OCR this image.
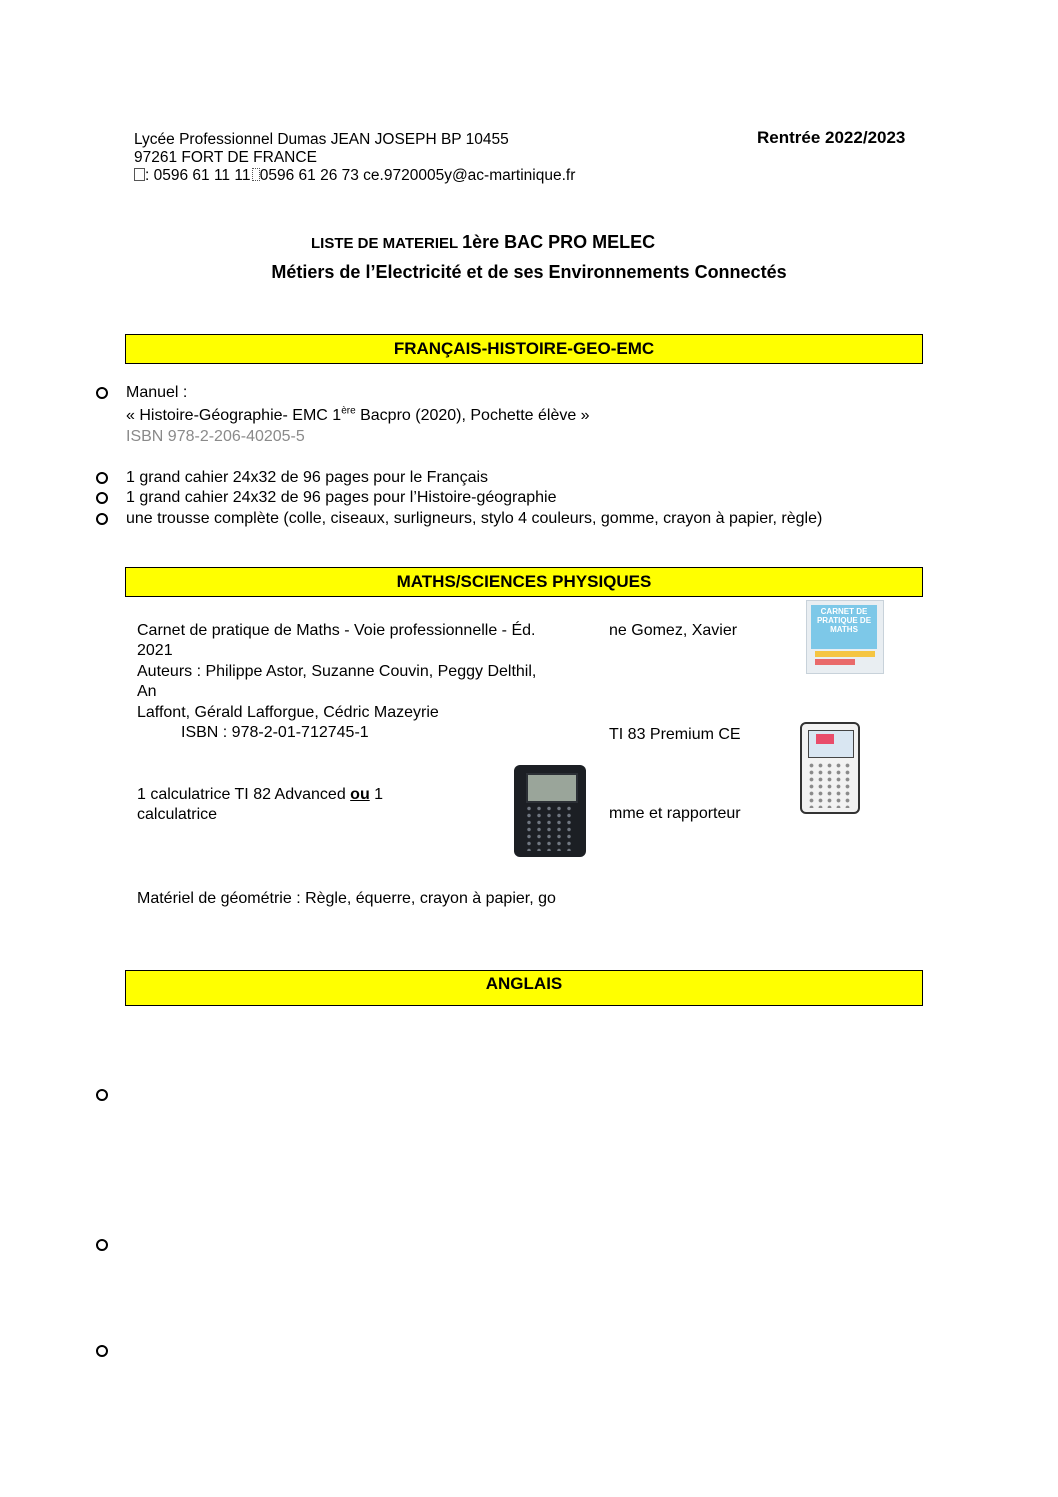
Lycée Professionnel Dumas JEAN JOSEPH BP 10455
97261 FORT DE FRANCE
: 0596 61 11 11 0596 61 26 73 ce.9720005y@ac-martinique.fr
Rentrée 2022/2023
LISTE DE MATERIEL 1ère BAC PRO MELEC
Métiers de l’Electricité et de ses Environnements Connectés
FRANÇAIS-HISTOIRE-GEO-EMC
Manuel :
« Histoire-Géographie- EMC 1ère Bacpro (2020), Pochette élève »
ISBN 978-2-206-40205-5
1 grand cahier 24x32 de 96 pages pour le Français
1 grand cahier 24x32 de 96 pages pour l’Histoire-géographie
une trousse complète (colle, ciseaux, surligneurs, stylo 4 couleurs, gomme, crayon à papier, règle)
MATHS/SCIENCES PHYSIQUES
Carnet de pratique de Maths - Voie professionnelle - Éd.
2021
Auteurs : Philippe Astor, Suzanne Couvin, Peggy Delthil,
An
Laffont, Gérald Lafforgue, Cédric Mazeyrie
ISBN : 978-2-01-712745-1
ne Gomez, Xavier
CARNET DE PRATIQUE DE MATHS
1 calculatrice TI 82 Advanced ou 1
calculatrice
TI 83 Premium CE
mme et rapporteur
Matériel de géométrie : Règle, équerre, crayon à papier, go
ANGLAIS
